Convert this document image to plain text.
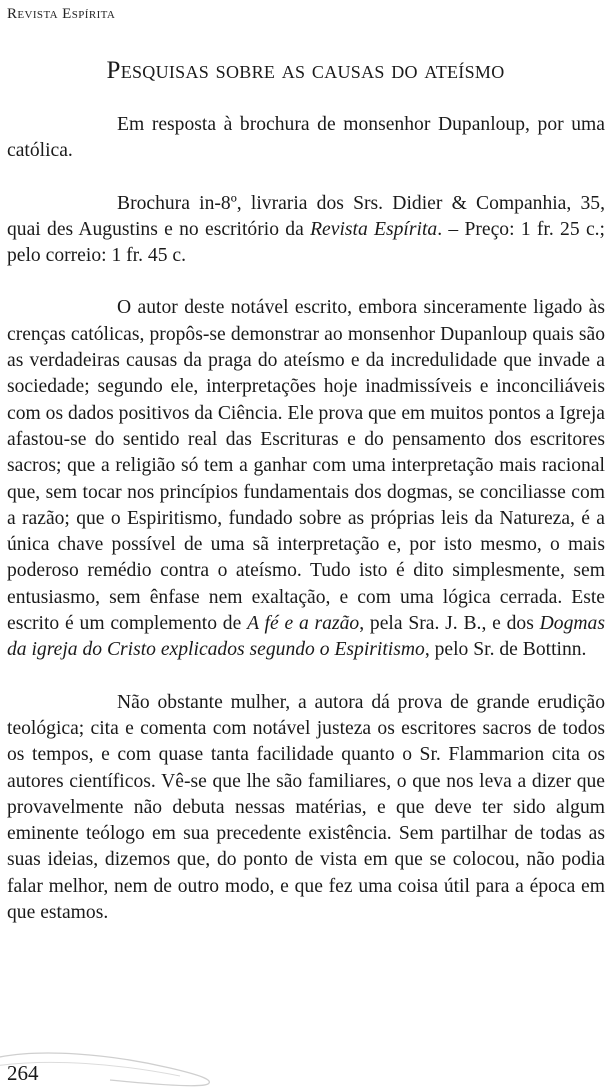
Revista Espírita
Pesquisas sobre as causas do ateísmo

Em resposta à brochura de monsenhor Dupanloup, por uma católica.

Brochura in-8º, livraria dos Srs. Didier & Companhia, 35, quai des Augustins e no escritório da Revista Espírita. – Preço: 1 fr. 25 c.; pelo correio: 1 fr. 45 c.

O autor deste notável escrito, embora sinceramente ligado às crenças católicas, propôs-se demonstrar ao monsenhor Dupanloup quais são as verdadeiras causas da praga do ateísmo e da incredulidade que invade a sociedade; segundo ele, interpretações hoje inadmissíveis e inconciliáveis com os dados positivos da Ciência. Ele prova que em muitos pontos a Igreja afastou-se do sentido real das Escrituras e do pensamento dos escritores sacros; que a religião só tem a ganhar com uma interpretação mais racional que, sem tocar nos princípios fundamentais dos dogmas, se conciliasse com a razão; que o Espiritismo, fundado sobre as próprias leis da Natureza, é a única chave possível de uma sã interpretação e, por isto mesmo, o mais poderoso remédio contra o ateísmo. Tudo isto é dito simplesmente, sem entusiasmo, sem ênfase nem exaltação, e com uma lógica cerrada. Este escrito é um complemento de A fé e a razão, pela Sra. J. B., e dos Dogmas da igreja do Cristo explicados segundo o Espiritismo, pelo Sr. de Bottinn.

Não obstante mulher, a autora dá prova de grande erudição teológica; cita e comenta com notável justeza os escritores sacros de todos os tempos, e com quase tanta facilidade quanto o Sr. Flammarion cita os autores científicos. Vê-se que lhe são familiares, o que nos leva a dizer que provavelmente não debuta nessas matérias, e que deve ter sido algum eminente teólogo em sua precedente existência. Sem partilhar de todas as suas ideias, dizemos que, do ponto de vista em que se colocou, não podia falar melhor, nem de outro modo, e que fez uma coisa útil para a época em que estamos.

264
